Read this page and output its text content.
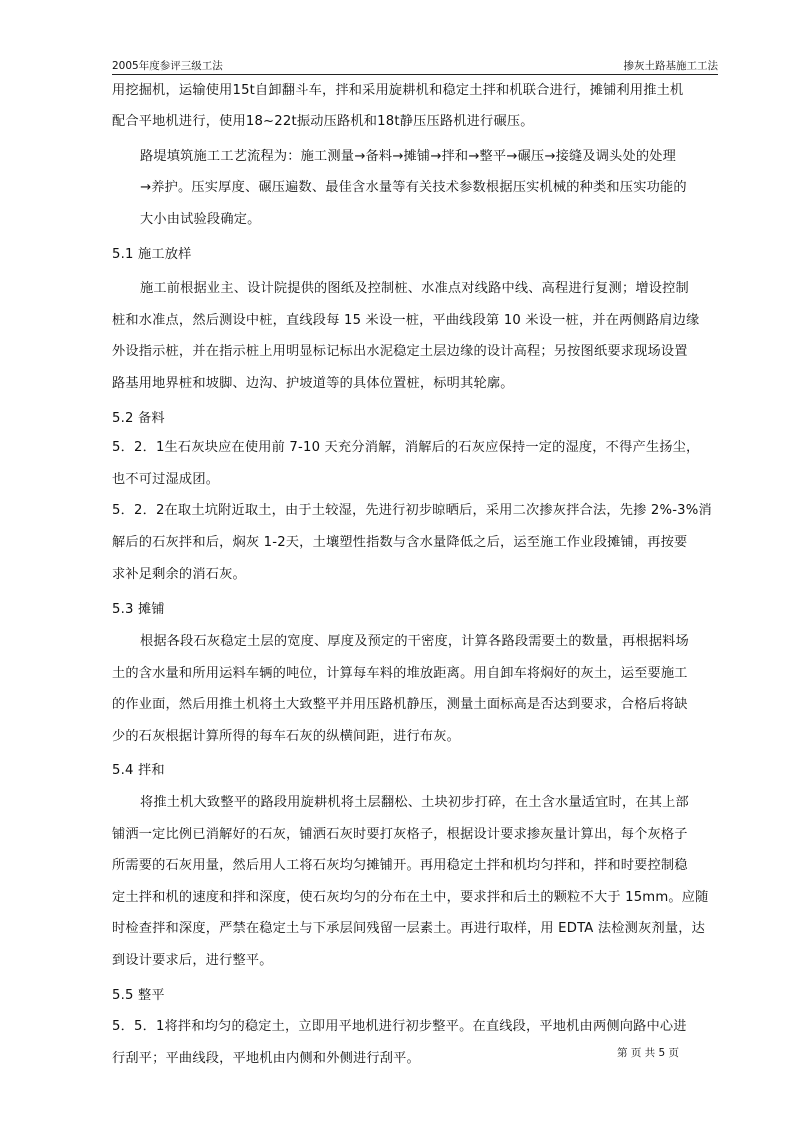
2005年度参评三级工法	掺灰土路基施工工法
用挖掘机，运输使用15t自卸翻斗车，拌和采用旋耕机和稳定土拌和机联合进行，摊铺利用推土机
配合平地机进行，使用18~22t振动压路机和18t静压压路机进行碾压。
路堤填筑施工工艺流程为：施工测量→备料→摊铺→拌和→整平→碾压→接缝及调头处的处理
→养护。压实厚度、碾压遍数、最佳含水量等有关技术参数根据压实机械的种类和压实功能的
大小由试验段确定。
5.1 施工放样
施工前根据业主、设计院提供的图纸及控制桩、水准点对线路中线、高程进行复测；增设控制
桩和水准点，然后测设中桩，直线段每 15 米设一桩，平曲线段第 10 米设一桩，并在两侧路肩边缘
外设指示桩，并在指示桩上用明显标记标出水泥稳定土层边缘的设计高程；另按图纸要求现场设置
路基用地界桩和坡脚、边沟、护坡道等的具体位置桩，标明其轮廓。
5.2 备料
5．2．1生石灰块应在使用前 7-10 天充分消解，消解后的石灰应保持一定的湿度，不得产生扬尘，
也不可过湿成团。
5．2．2在取土坑附近取土，由于土较湿，先进行初步晾晒后，采用二次掺灰拌合法，先掺 2%-3%消
解后的石灰拌和后，焖灰 1-2天，土壤塑性指数与含水量降低之后，运至施工作业段摊铺，再按要
求补足剩余的消石灰。
5.3 摊铺
根据各段石灰稳定土层的宽度、厚度及预定的干密度，计算各路段需要土的数量，再根据料场
土的含水量和所用运料车辆的吨位，计算每车料的堆放距离。用自卸车将焖好的灰土，运至要施工
的作业面，然后用推土机将土大致整平并用压路机静压，测量土面标高是否达到要求，合格后将缺
少的石灰根据计算所得的每车石灰的纵横间距，进行布灰。
5.4 拌和
将推土机大致整平的路段用旋耕机将土层翻松、土块初步打碎，在土含水量适宜时，在其上部
铺洒一定比例已消解好的石灰，铺洒石灰时要打灰格子，根据设计要求掺灰量计算出，每个灰格子
所需要的石灰用量，然后用人工将石灰均匀摊铺开。再用稳定土拌和机均匀拌和，拌和时要控制稳
定土拌和机的速度和拌和深度，使石灰均匀的分布在土中，要求拌和后土的颗粒不大于 15mm。应随
时检查拌和深度，严禁在稳定土与下承层间残留一层素土。再进行取样，用 EDTA 法检测灰剂量，达
到设计要求后，进行整平。
5.5 整平
5．5．1将拌和均匀的稳定土，立即用平地机进行初步整平。在直线段，平地机由两侧向路中心进
行刮平；平曲线段，平地机由内侧和外侧进行刮平。	第 页 共 5 页
